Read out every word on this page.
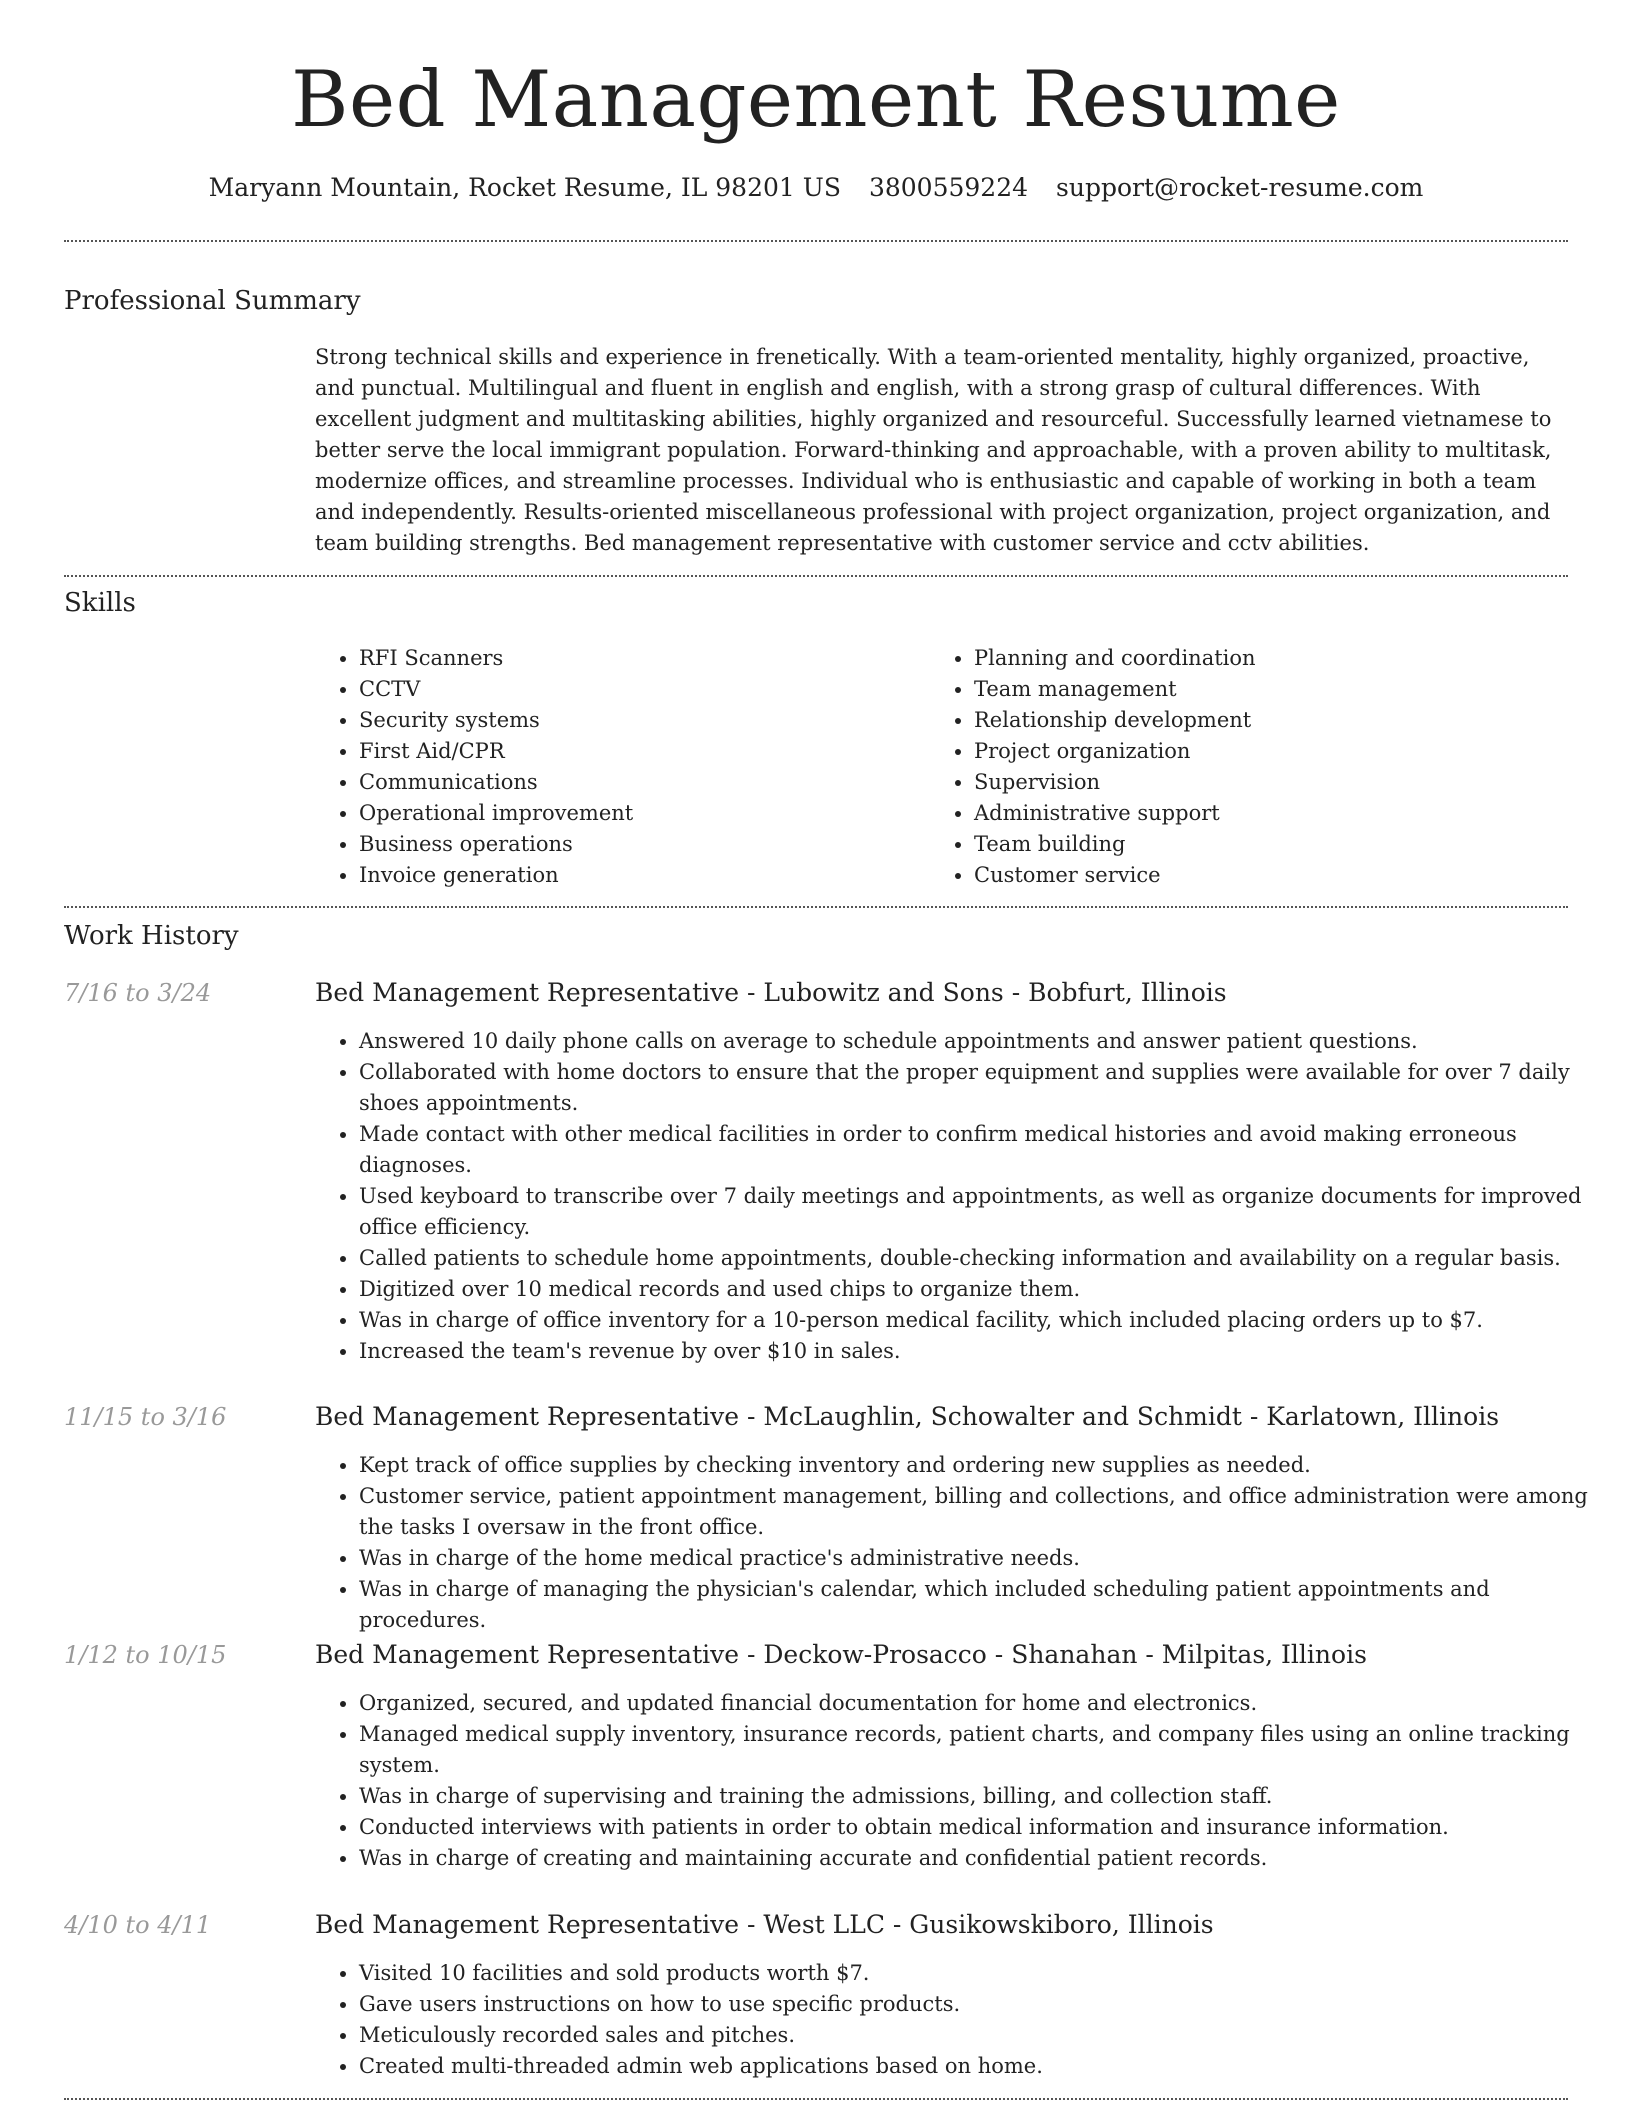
Bed Management Resume
Maryann Mountain, Rocket Resume, IL 98201 US 3800559224 support@rocket-resume.com
Professional Summary

Strong technical skills and experience in frenetically. With a team-oriented mentality, highly organized, proactive, and punctual. Multilingual and fluent in english and english, with a strong grasp of cultural differences. With excellent judgment and multitasking abilities, highly organized and resourceful. Successfully learned vietnamese to better serve the local immigrant population. Forward-thinking and approachable, with a proven ability to multitask, modernize offices, and streamline processes. Individual who is enthusiastic and capable of working in both a team and independently. Results-oriented miscellaneous professional with project organization, project organization, and team building strengths. Bed management representative with customer service and cctv abilities.

Skills
• RFI Scanners
• CCTV
• Security systems
• First Aid/CPR
• Communications
• Operational improvement
• Business operations
• Invoice generation
• Planning and coordination
• Team management
• Relationship development
• Project organization
• Supervision
• Administrative support
• Team building
• Customer service
Work History
7/16 to 3/24	Bed Management Representative - Lubowitz and Sons - Bobfurt, Illinois
• Answered 10 daily phone calls on average to schedule appointments and answer patient questions.
• Collaborated with home doctors to ensure that the proper equipment and supplies were available for over 7 daily shoes appointments.
• Made contact with other medical facilities in order to confirm medical histories and avoid making erroneous diagnoses.
• Used keyboard to transcribe over 7 daily meetings and appointments, as well as organize documents for improved office efficiency.
• Called patients to schedule home appointments, double-checking information and availability on a regular basis.
• Digitized over 10 medical records and used chips to organize them.
• Was in charge of office inventory for a 10-person medical facility, which included placing orders up to $7.
• Increased the team's revenue by over $10 in sales.
11/15 to 3/16	Bed Management Representative - McLaughlin, Schowalter and Schmidt - Karlatown, Illinois
• Kept track of office supplies by checking inventory and ordering new supplies as needed.
• Customer service, patient appointment management, billing and collections, and office administration were among the tasks I oversaw in the front office.
• Was in charge of the home medical practice's administrative needs.
• Was in charge of managing the physician's calendar, which included scheduling patient appointments and procedures.
1/12 to 10/15	Bed Management Representative - Deckow-Prosacco - Shanahan - Milpitas, Illinois
• Organized, secured, and updated financial documentation for home and electronics.
• Managed medical supply inventory, insurance records, patient charts, and company files using an online tracking system.
• Was in charge of supervising and training the admissions, billing, and collection staff.
• Conducted interviews with patients in order to obtain medical information and insurance information.
• Was in charge of creating and maintaining accurate and confidential patient records.
4/10 to 4/11	Bed Management Representative - West LLC - Gusikowskiboro, Illinois
• Visited 10 facilities and sold products worth $7.
• Gave users instructions on how to use specific products.
• Meticulously recorded sales and pitches.
• Created multi-threaded admin web applications based on home.
